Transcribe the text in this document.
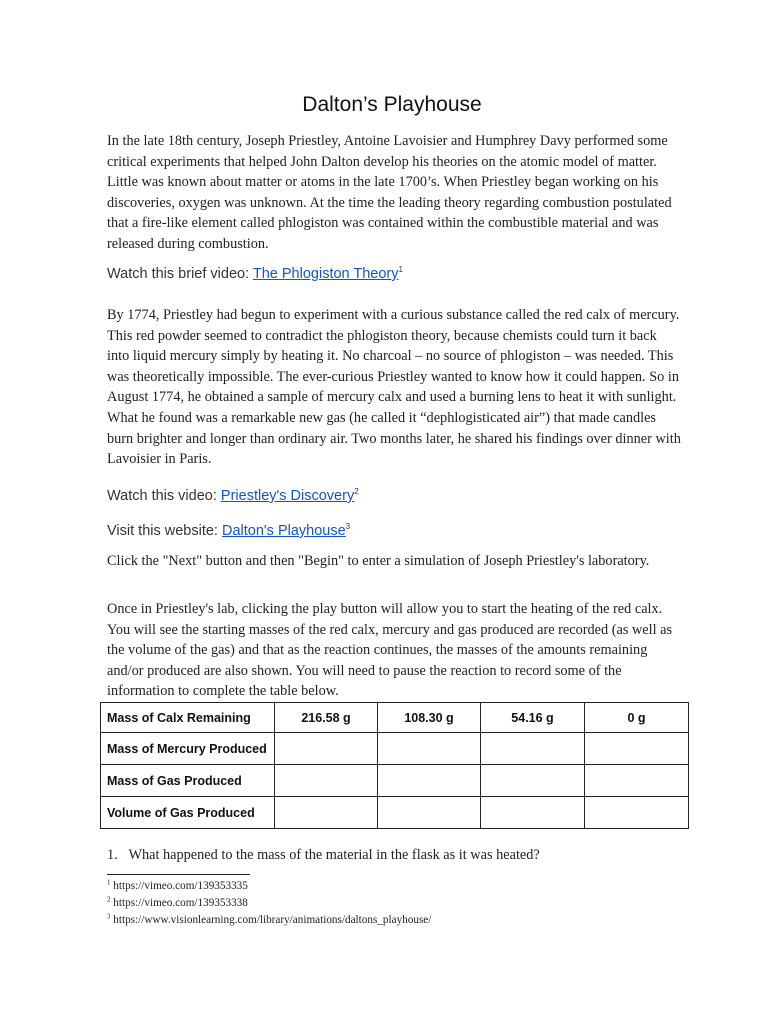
Dalton’s Playhouse

In the late 18th century, Joseph Priestley, Antoine Lavoisier and Humphrey Davy performed some critical experiments that helped John Dalton develop his theories on the atomic model of matter. Little was known about matter or atoms in the late 1700’s. When Priestley began working on his discoveries, oxygen was unknown. At the time the leading theory regarding combustion postulated that a fire-like element called phlogiston was contained within the combustible material and was released during combustion.

Watch this brief video: The Phlogiston Theory$^1$

By 1774, Priestley had begun to experiment with a curious substance called the red calx of mercury. This red powder seemed to contradict the phlogiston theory, because chemists could turn it back into liquid mercury simply by heating it. No charcoal – no source of phlogiston – was needed. This was theoretically impossible. The ever-curious Priestley wanted to know how it could happen. So in August 1774, he obtained a sample of mercury calx and used a burning lens to heat it with sunlight. What he found was a remarkable new gas (he called it “dephlogisticated air”) that made candles burn brighter and longer than ordinary air. Two months later, he shared his findings over dinner with Lavoisier in Paris.

Watch this video: Priestley's Discovery$^2$

Visit this website: Dalton's Playhouse$^3$

Click the "Next" button and then "Begin" to enter a simulation of Joseph Priestley's laboratory.

Once in Priestley's lab, clicking the play button will allow you to start the heating of the red calx. You will see the starting masses of the red calx, mercury and gas produced are recorded (as well as the volume of the gas) and that as the reaction continues, the masses of the amounts remaining and/or produced are also shown. You will need to pause the reaction to record some of the information to complete the table below.

Mass of Calx Remaining	216.58 g	108.30 g	54.16 g	0 g
Mass of Mercury Produced				
Mass of Gas Produced				
Volume of Gas Produced				
1. What happened to the mass of the material in the flask as it was heated?
$^1$ https://vimeo.com/139353335
$^2$ https://vimeo.com/139353338
$^3$ https://www.visionlearning.com/library/animations/daltons_playhouse/
